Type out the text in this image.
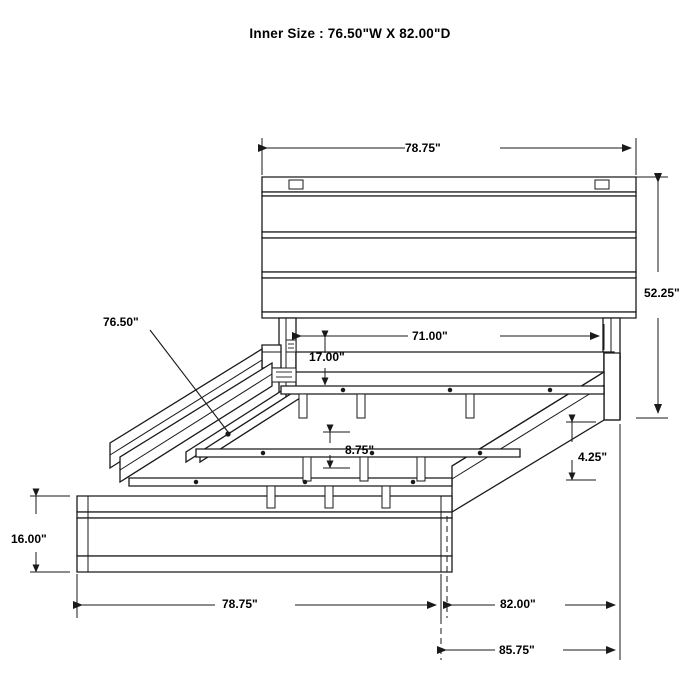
Inner Size : 76.50"W X 82.00"D
78.75"
52.25"
71.00"
17.00"
76.50"
8.75"	4.25"
16.00"
78.75"	82.00"
85.75"
